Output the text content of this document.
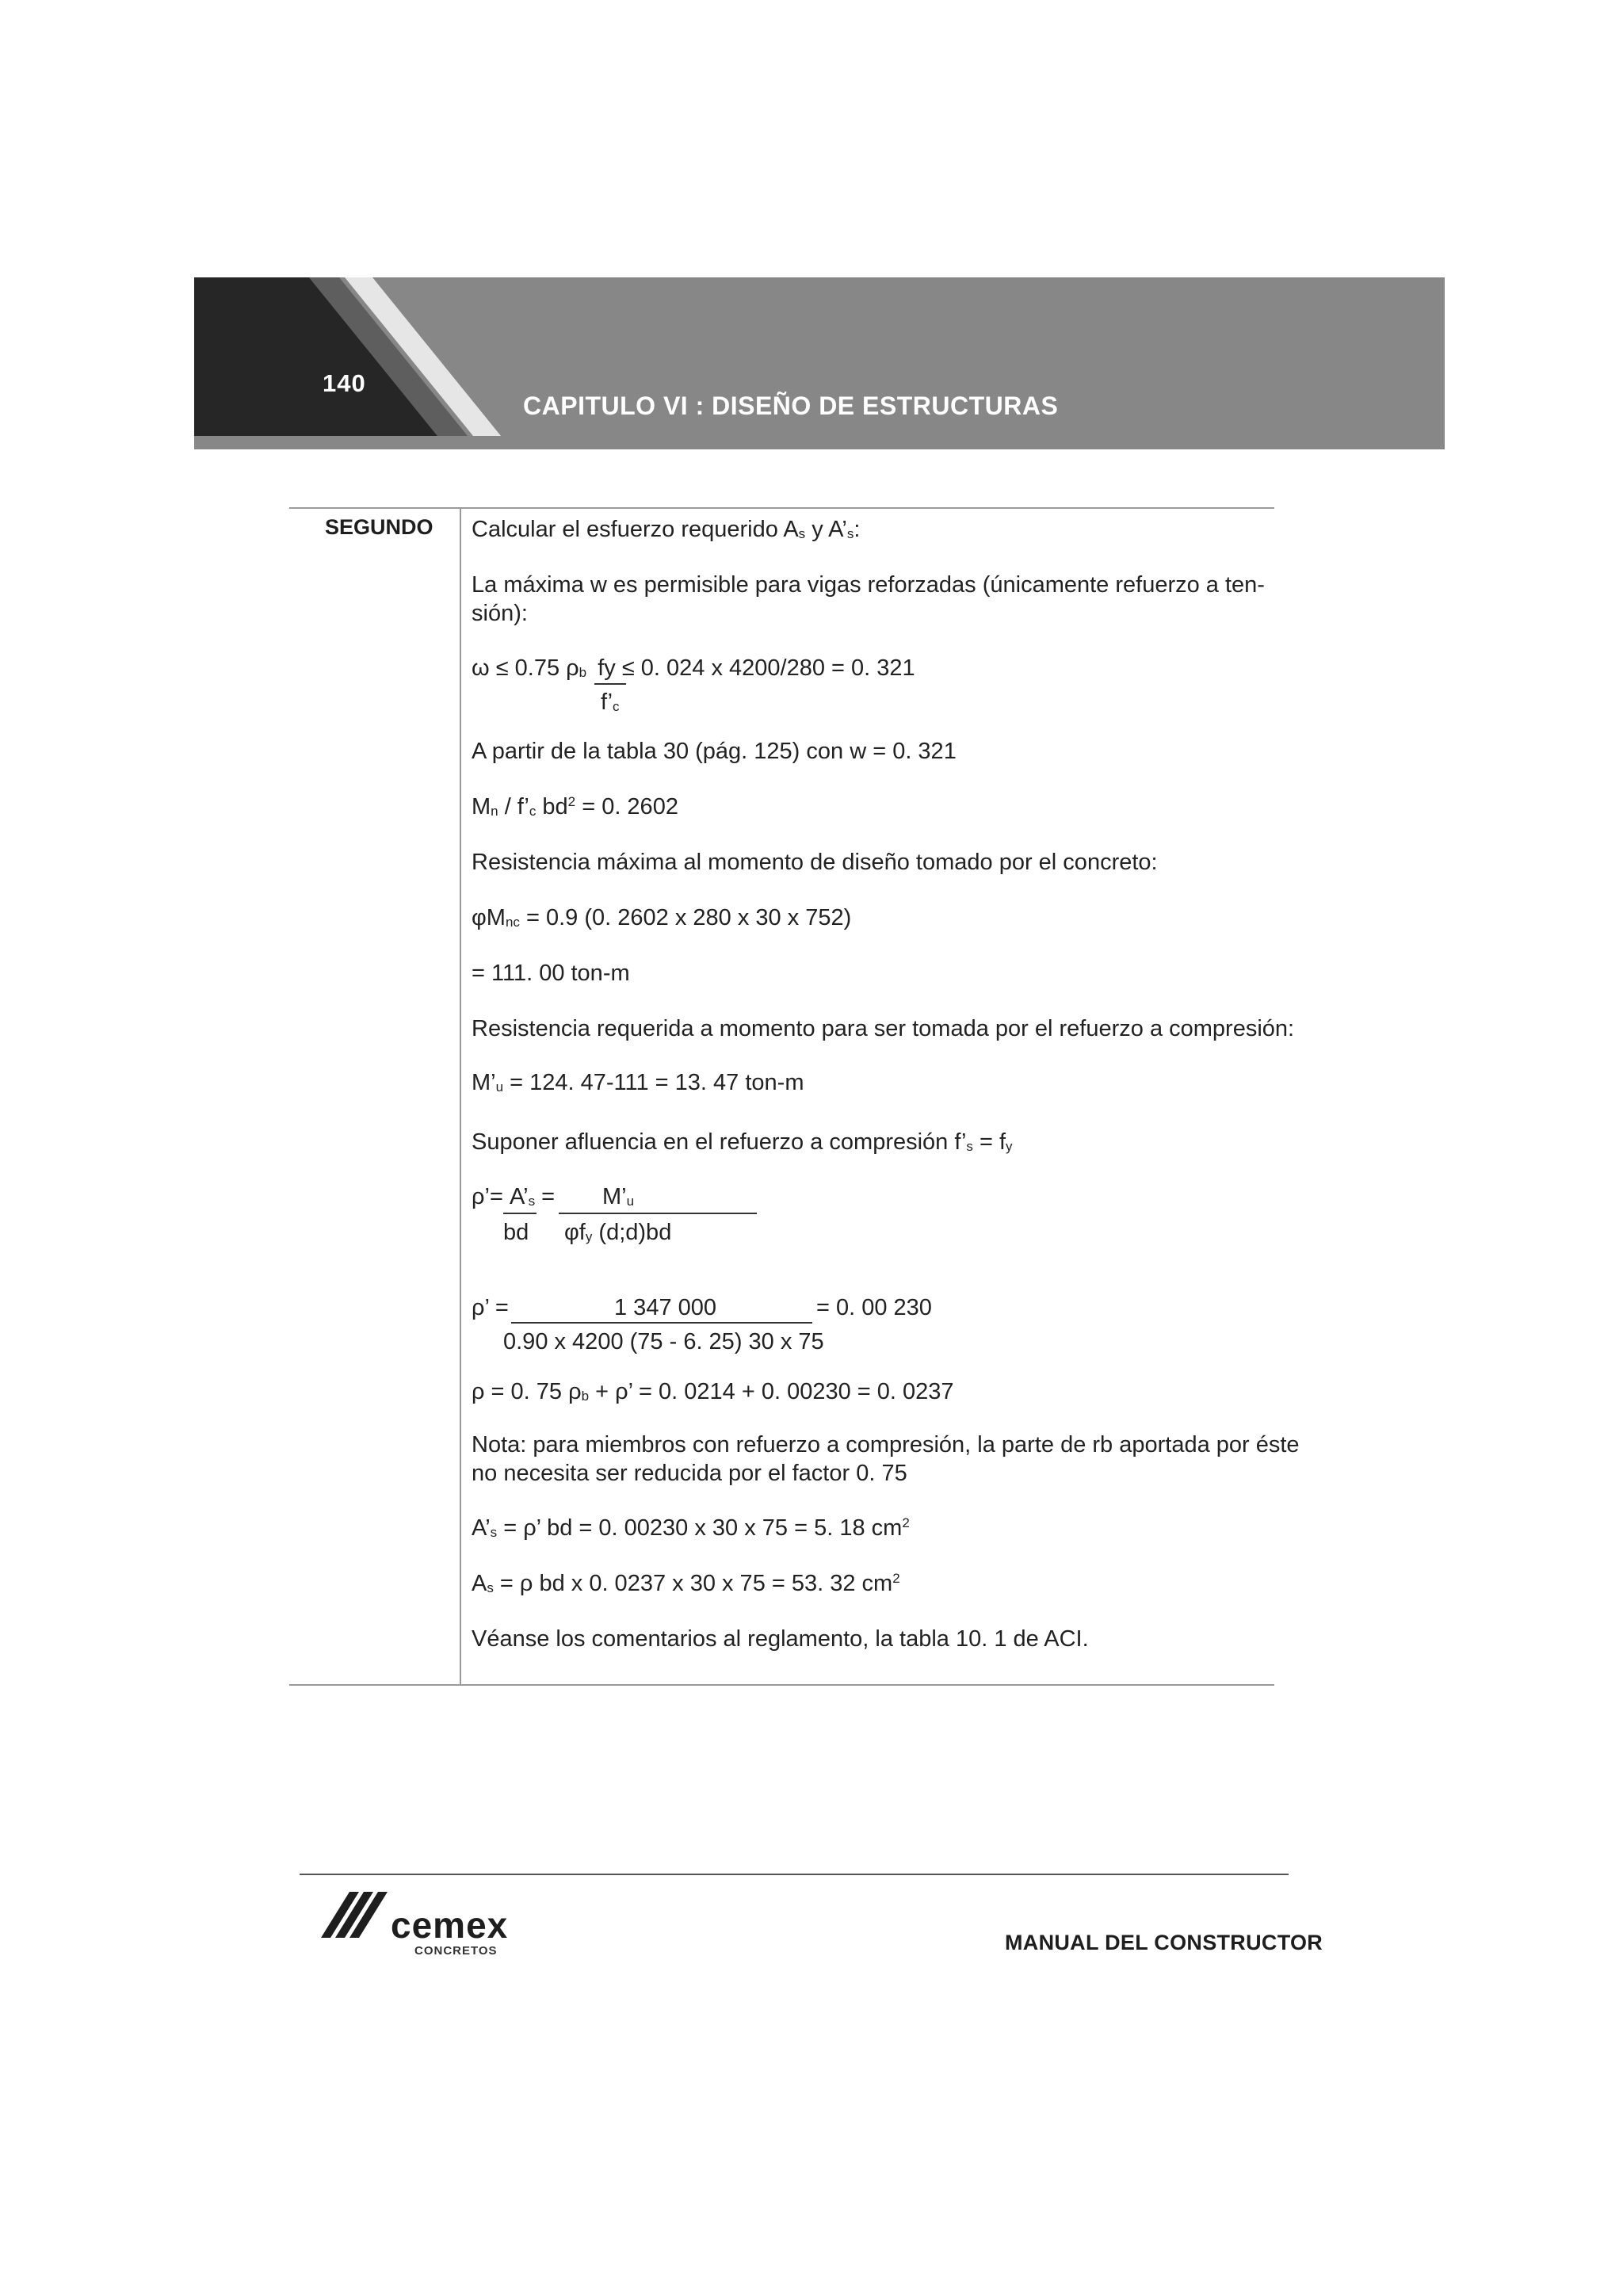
140
CAPITULO VI : DISEÑO DE ESTRUCTURAS
SEGUNDO Calcular el esfuerzo requerido $A_s$ y $A’_s$:
La máxima w es permisible para vigas reforzadas (únicamente refuerzo a ten-
sión):
ω ≤ 0.75 $\rho_b$ fy ≤ 0. 024 x 4200/280 = 0. 321
$f’_c$
A partir de la tabla 30 (pág. 125) con w = 0. 321
$M_n$ / $f’_c$ $bd^2 = 0$. 2602
Resistencia máxima al momento de diseño tomado por el concreto:
$\varphi M_{nc} = 0.9$ (0. 2602 x 280 x 30 x 752)
= 111. 00 ton-m
Resistencia requerida a momento para ser tomada por el refuerzo a compresión:
$M’_u = 124$. 47-111 = 13. 47 ton-m
Suponer afluencia en el refuerzo a compresión $f’_s = f_y$
ρ’= $A’_s$ = $M’_u$
bd $\varphi f_y$ (d;d)bd
ρ’ =	1 347 000	= 0. 00 230
0.90 x 4200 (75 - 6. 25) 30 x 75
ρ = 0. 75 $\rho_b + \rho$’ = 0. 0214 + 0. 00230 = 0. 0237
Nota: para miembros con refuerzo a compresión, la parte de rb aportada por éste
no necesita ser reducida por el factor 0. 75
$A’_s = \rho$’ bd = 0. 00230 x 30 x 75 = 5. 18 $cm^2$
$A_s = \rho$ bd x 0. 0237 x 30 x 75 = 53. 32 $cm^2$
Véanse los comentarios al reglamento, la tabla 10. 1 de ACI.
cemex
CONCRETOS	MANUAL DEL CONSTRUCTOR
